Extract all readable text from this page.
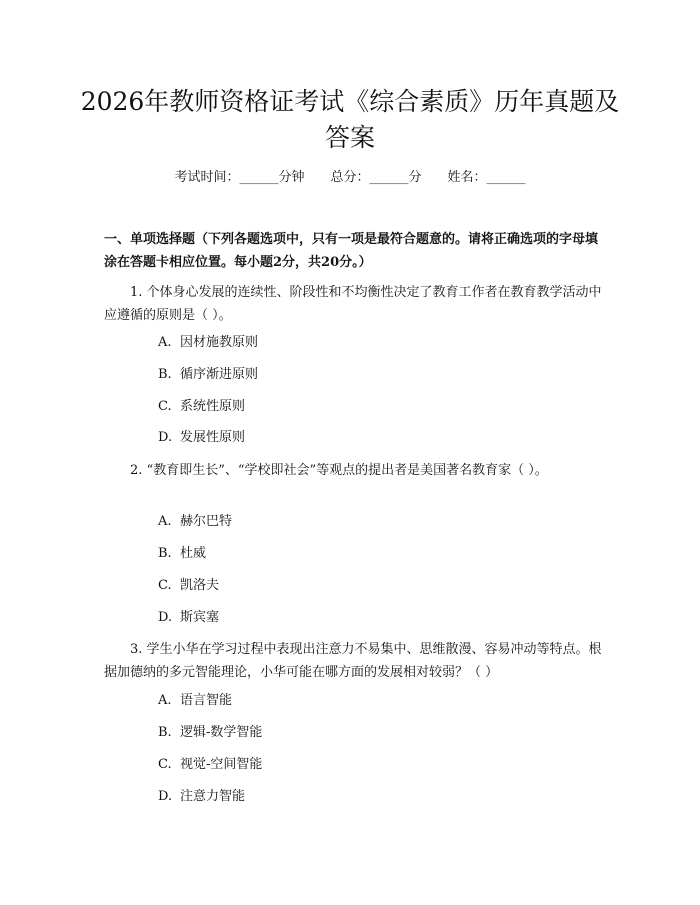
2026年教师资格证考试《综合素质》历年真题及答案
考试时间：______分钟 总分：______分 姓名：______
一、单项选择题（下列各题选项中，只有一项是最符合题意的。请将正确选项的字母填涂在答题卡相应位置。每小题2分，共20分。）
1. 个体身心发展的连续性、阶段性和不均衡性决定了教育工作者在教育教学活动中应遵循的原则是（ ）。
A. 因材施教原则
B. 循序渐进原则
C. 系统性原则
D. 发展性原则
2. “教育即生长”、“学校即社会”等观点的提出者是美国著名教育家（ ）。
A. 赫尔巴特
B. 杜威
C. 凯洛夫
D. 斯宾塞
3. 学生小华在学习过程中表现出注意力不易集中、思维散漫、容易冲动等特点。根据加德纳的多元智能理论，小华可能在哪方面的发展相对较弱？（ ）
A. 语言智能
B. 逻辑-数学智能
C. 视觉-空间智能
D. 注意力智能
